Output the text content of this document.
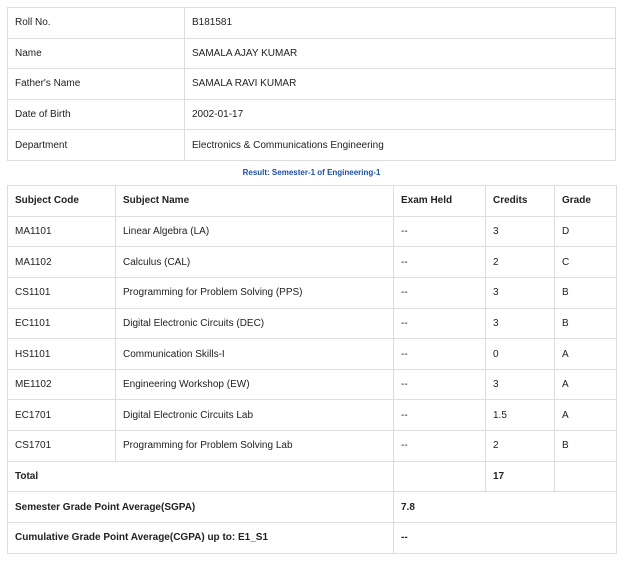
Roll No.	B181581
Name	SAMALA AJAY KUMAR
Father's Name	SAMALA RAVI KUMAR
Date of Birth	2002-01-17
Department	Electronics & Communications Engineering
Result: Semester-1 of Engineering-1
Subject Code	Subject Name	Exam Held	Credits	Grade
MA1101	Linear Algebra (LA)	--	3	D
MA1102	Calculus (CAL)	--	2	C
CS1101	Programming for Problem Solving (PPS)	--	3	B
EC1101	Digital Electronic Circuits (DEC)	--	3	B
HS1101	Communication Skills-I	--	0	A
ME1102	Engineering Workshop (EW)	--	3	A
EC1701	Digital Electronic Circuits Lab	--	1.5	A
CS1701	Programming for Problem Solving Lab	--	2	B
Total			17	
Semester Grade Point Average(SGPA)		7.8		
Cumulative Grade Point Average(CGPA) up to: E1_S1		--		
